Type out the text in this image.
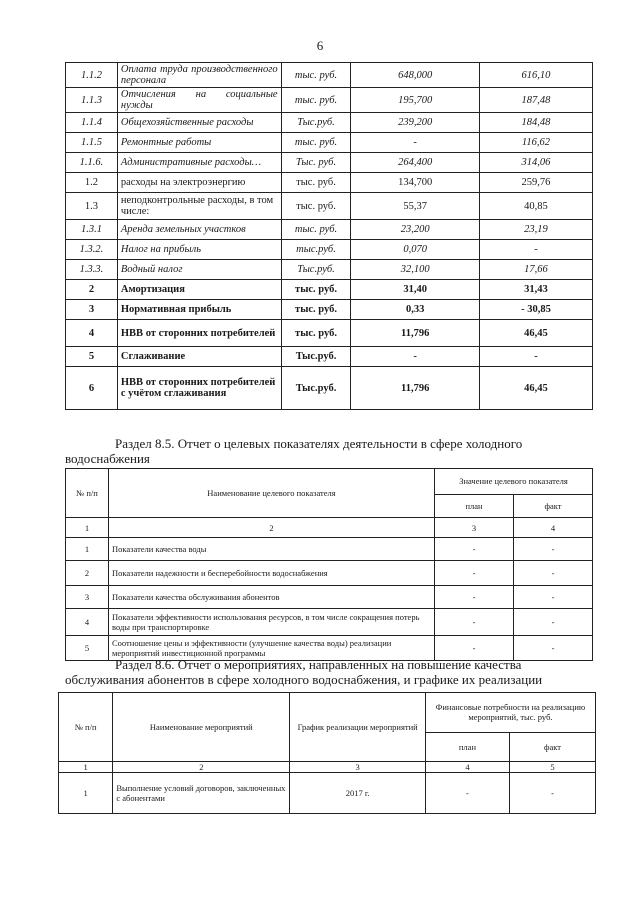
6
1.1.2	Оплата труда производственного персонала	тыс. руб.	648,000	616,10
1.1.3	Отчисления на социальные нужды	тыс. руб.	195,700	187,48
1.1.4	Общехозяйственные расходы	Тыс.руб.	239,200	184,48
1.1.5	Ремонтные работы	тыс. руб.	-	116,62
1.1.6.	Административные расходы…	Тыс. руб.	264,400	314,06
1.2	расходы на электроэнергию	тыс. руб.	134,700	259,76
1.3	неподконтрольные расходы, в том числе:	тыс. руб.	55,37	40,85
1.3.1	Аренда земельных участков	тыс. руб.	23,200	23,19
1.3.2.	Налог на прибыль	тыс.руб.	0,070	-
1.3.3.	Водный налог	Тыс.руб.	32,100	17,66
2	Амортизация	тыс. руб.	31,40	31,43
3	Нормативная прибыль	тыс. руб.	0,33	- 30,85
4	НВВ от сторонних потребителей	тыс. руб.	11,796	46,45
5	Сглаживание	Тыс.руб.	-	-
6	НВВ от сторонних потребителей с учётом сглаживания	Тыс.руб.	11,796	46,45
Раздел 8.5. Отчет о целевых показателях деятельности в сфере холодного
водоснабжения
№ п/п	Наименование целевого показателя	Значение целевого показателя	
		план	факт
1	2	3	4
1	Показатели качества воды	-	-
2	Показатели надежности и бесперебойности водоснабжения	-	-
3	Показатели качества обслуживания абонентов	-	-
4	Показатели эффективности использования ресурсов, в том числе сокращения потерь воды при транспортировке	-	-
5	Соотношение цены и эффективности (улучшение качества воды) реализации мероприятий инвестиционной программы	-	-
Раздел 8.6. Отчет о мероприятиях, направленных на повышение качества
обслуживания абонентов в сфере холодного водоснабжения, и графике их реализации
№ п/п	Наименование мероприятий	График реализации мероприятий	Финансовые потребности на реализацию мероприятий, тыс. руб.	
			план	факт
1	2	3	4	5
1	Выполнение условий договоров, заключенных с абонентами	2017 г.	-	-
